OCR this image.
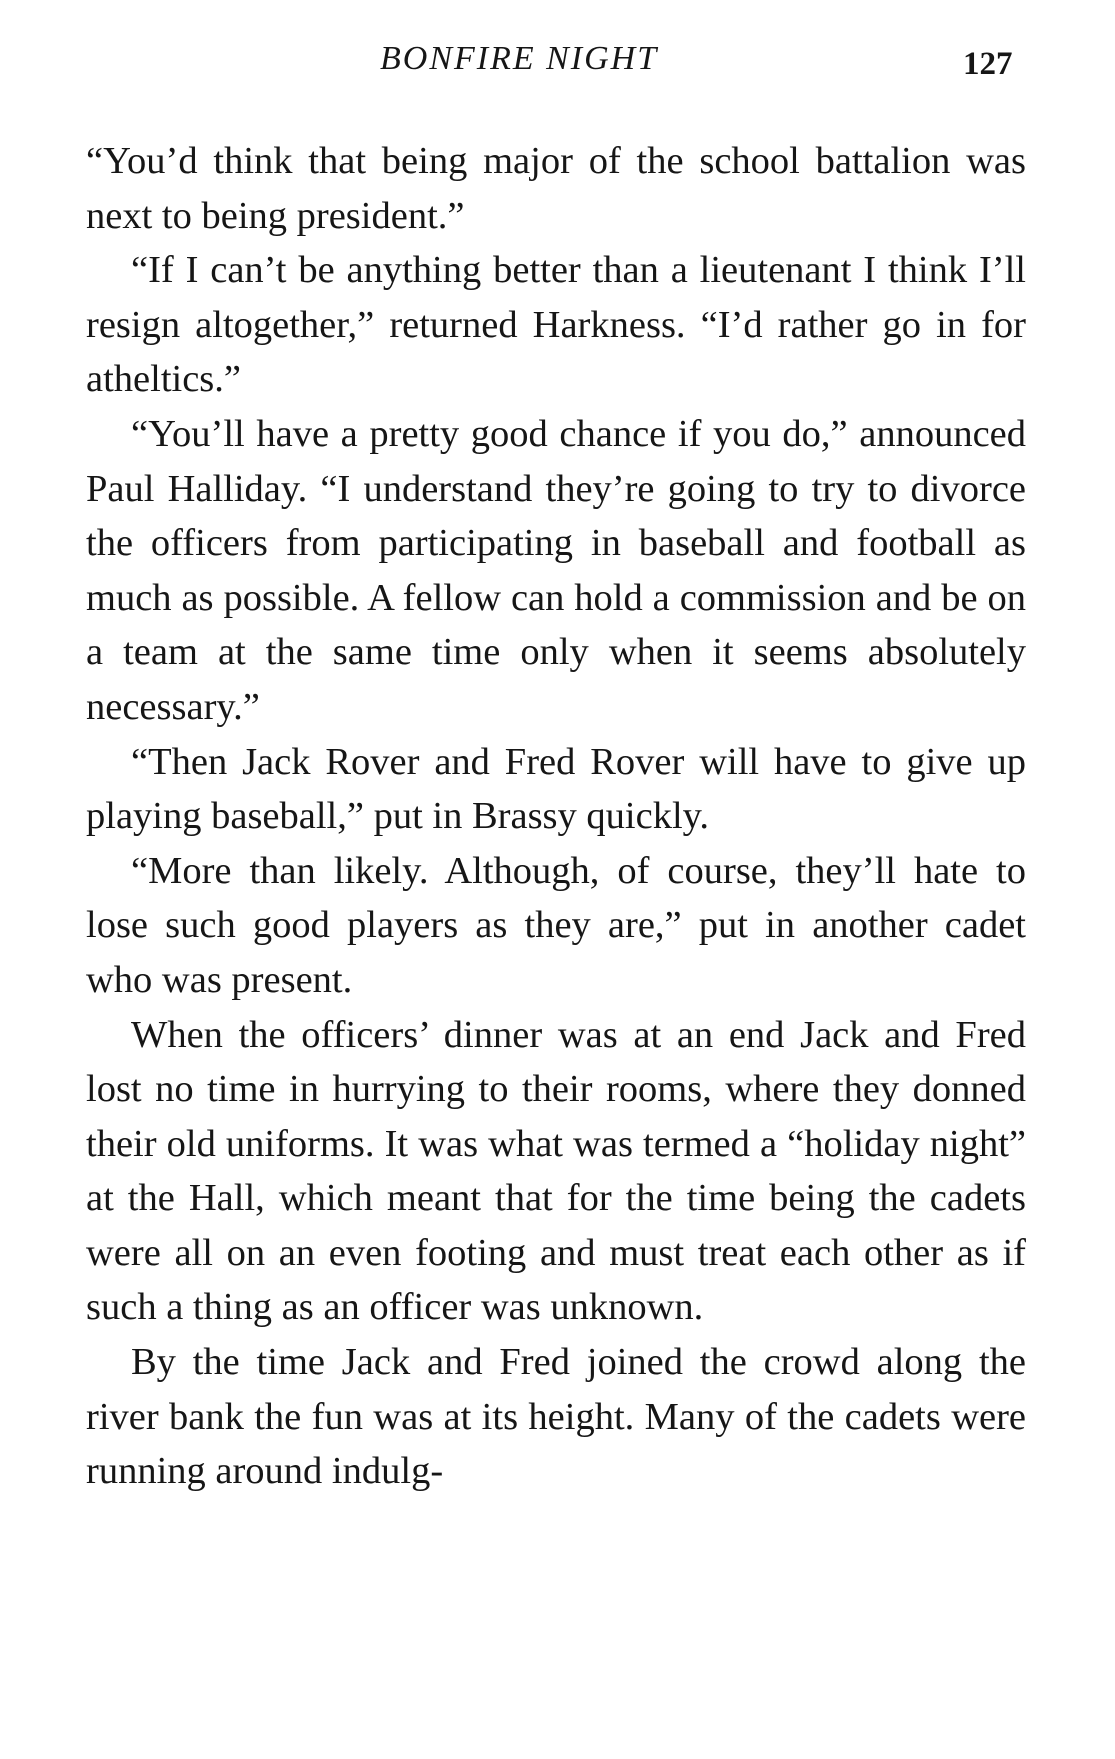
BONFIRE NIGHT	127

“You’d think that being major of the school battalion was next to being president.”

“If I can’t be anything better than a lieutenant I think I’ll resign altogether,” returned Harkness. “I’d rather go in for atheltics.”

“You’ll have a pretty good chance if you do,” announced Paul Halliday. “I understand they’re going to try to divorce the officers from participating in baseball and football as much as possible. A fellow can hold a commission and be on a team at the same time only when it seems absolutely necessary.”

“Then Jack Rover and Fred Rover will have to give up playing baseball,” put in Brassy quickly.

“More than likely. Although, of course, they’ll hate to lose such good players as they are,” put in another cadet who was present.

When the officers’ dinner was at an end Jack and Fred lost no time in hurrying to their rooms, where they donned their old uniforms. It was what was termed a “holiday night” at the Hall, which meant that for the time being the cadets were all on an even footing and must treat each other as if such a thing as an officer was unknown.

By the time Jack and Fred joined the crowd along the river bank the fun was at its height. Many of the cadets were running around indulg-
